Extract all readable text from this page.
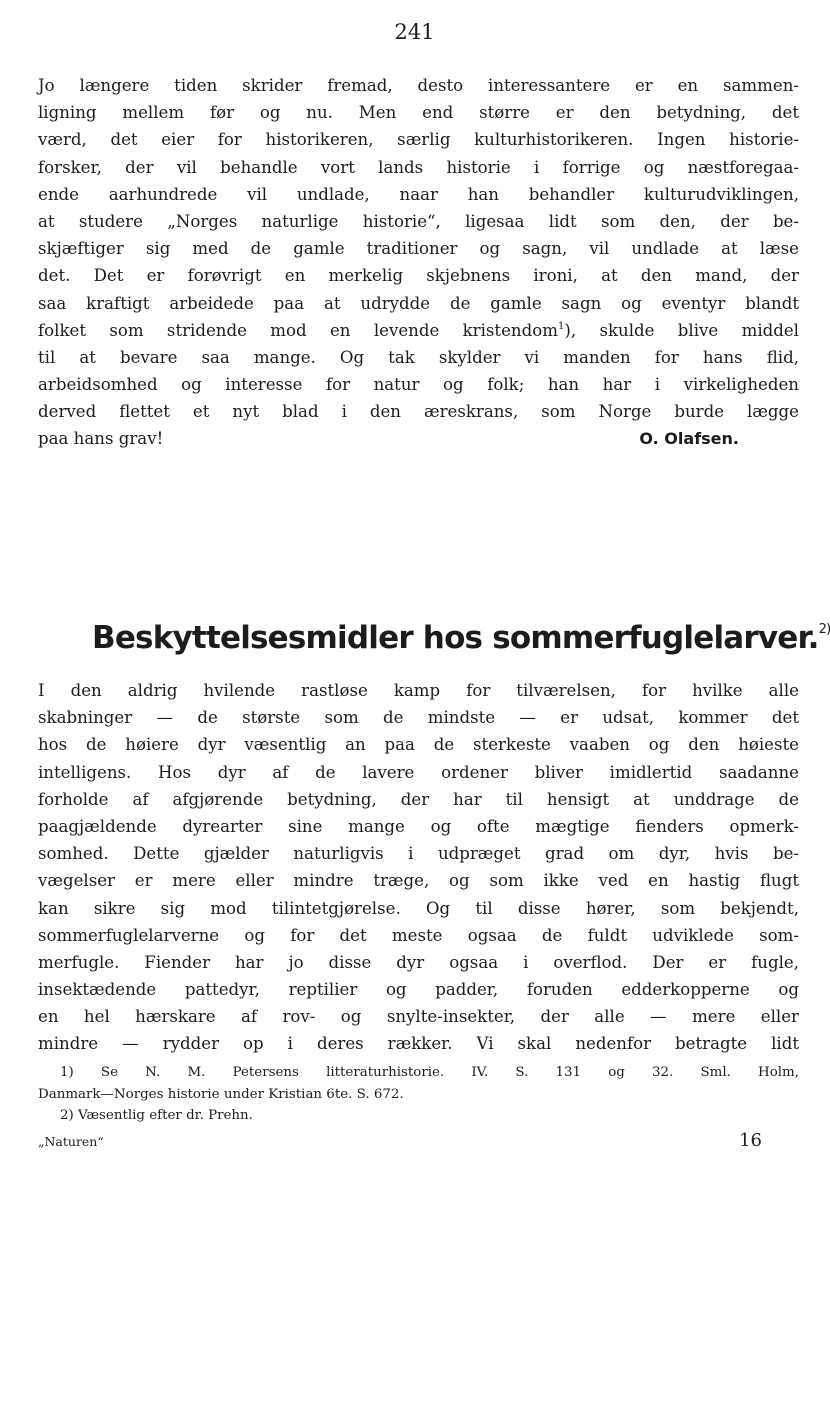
241
Jo længere tiden skrider fremad, desto interessantere er en sammen-
ligning mellem før og nu. Men end større er den betydning, det
værd, det eier for historikeren, særlig kulturhistorikeren. Ingen historie-
forsker, der vil behandle vort lands historie i forrige og næstforegaa-
ende aarhundrede vil undlade, naar han behandler kulturudviklingen,
at studere „Norges naturlige historie“, ligesaa lidt som den, der be-
skjæftiger sig med de gamle traditioner og sagn, vil undlade at læse
det. Det er forøvrigt en merkelig skjebnens ironi, at den mand, der
saa kraftigt arbeidede paa at udrydde de gamle sagn og eventyr blandt
folket som stridende mod en levende kristendom$^1$), skulde blive middel
til at bevare saa mange. Og tak skylder vi manden for hans flid,
arbeidsomhed og interesse for natur og folk; han har i virkeligheden
derved flettet et nyt blad i den æreskrans, som Norge burde lægge
paa hans grav!	O. Olafsen.
Beskyttelsesmidler hos sommerfuglelarver.$^{2)}$
I den aldrig hvilende rastløse kamp for tilværelsen, for hvilke alle
skabninger — de største som de mindste — er udsat, kommer det
hos de høiere dyr væsentlig an paa de sterkeste vaaben og den høieste
intelligens. Hos dyr af de lavere ordener bliver imidlertid saadanne
forholde af afgjørende betydning, der har til hensigt at unddrage de
paagjældende dyrearter sine mange og ofte mægtige fienders opmerk-
somhed. Dette gjælder naturligvis i udpræget grad om dyr, hvis be-
vægelser er mere eller mindre træge, og som ikke ved en hastig flugt
kan sikre sig mod tilintetgjørelse. Og til disse hører, som bekjendt,
sommerfuglelarverne og for det meste ogsaa de fuldt udviklede som-
merfugle. Fiender har jo disse dyr ogsaa i overflod. Der er fugle,
insektædende pattedyr, reptilier og padder, foruden edderkopperne og
en hel hærskare af rov- og snylte-insekter, der alle — mere eller
mindre — rydder op i deres rækker. Vi skal nedenfor betragte lidt
1) Se N. M. Petersens litteraturhistorie. IV. S. 131 og 32. Sml. Holm,
Danmark—Norges historie under Kristian 6te. S. 672.
2) Væsentlig efter dr. Prehn.
„Naturen“	16
